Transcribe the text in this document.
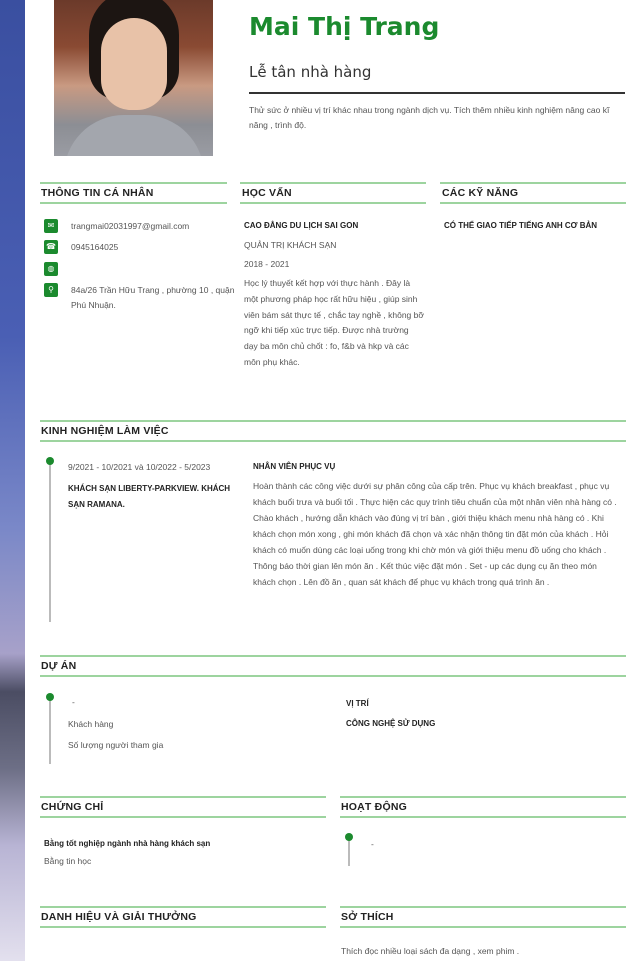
Mai Thị Trang
Lễ tân nhà hàng
Thử sức ở nhiều vị trí khác nhau trong ngành dịch vụ. Tích thêm nhiều kinh nghiệm nâng cao kĩ năng , trình độ.
THÔNG TIN CÁ NHÂN
✉	trangmai02031997@gmail.com
☎ 0945164025
◍
⚲	84a/26 Trần Hữu Trang , phường 10 , quận Phú Nhuận.
HỌC VẤN
CAO ĐẲNG DU LỊCH SAI GON
QUẢN TRỊ KHÁCH SẠN
2018 - 2021
Học lý thuyết kết hợp với thực hành . Đây là một phương pháp học rất hữu hiệu , giúp sinh viên bám sát thực tế , chắc tay nghề , không bỡ ngỡ khi tiếp xúc trực tiếp. Được nhà trường dạy ba môn chủ chốt : fo, f&b và hkp và các môn phụ khác.
CÁC KỸ NĂNG
CÓ THỂ GIAO TIẾP TIẾNG ANH CƠ BẢN
KINH NGHIỆM LÀM VIỆC
9/2021 - 10/2021 và 10/2022 - 5/2023
KHÁCH SẠN LIBERTY-PARKVIEW. KHÁCH SẠN RAMANA.
NHÂN VIÊN PHỤC VỤ
Hoàn thành các công việc dưới sự phân công của cấp trên. Phục vụ khách breakfast , phục vụ khách buổi trưa và buổi tối . Thực hiện các quy trình tiêu chuẩn của một nhân viên nhà hàng có . Chào khách , hướng dẫn khách vào đúng vị trí bàn , giới thiệu khách menu nhà hàng có . Khi khách chọn món xong , ghi món khách đã chọn và xác nhận thông tin đặt món của khách . Hỏi khách có muốn dùng các loại uống trong khi chờ món và giới thiệu menu đồ uống cho khách . Thông báo thời gian lên món ăn . Kết thúc việc đặt món . Set - up các dụng cụ ăn theo món khách chọn . Lên đồ ăn , quan sát khách để phục vụ khách trong quá trình ăn .
DỰ ÁN
-
Khách hàng
Số lượng người tham gia
VỊ TRÍ
CÔNG NGHỆ SỬ DỤNG
CHỨNG CHỈ
Bằng tốt nghiệp ngành nhà hàng khách sạn
Bằng tin học
HOẠT ĐỘNG
-
DANH HIỆU VÀ GIẢI THƯỞNG	SỞ THÍCH
Thích đọc nhiều loại sách đa dạng , xem phim .
